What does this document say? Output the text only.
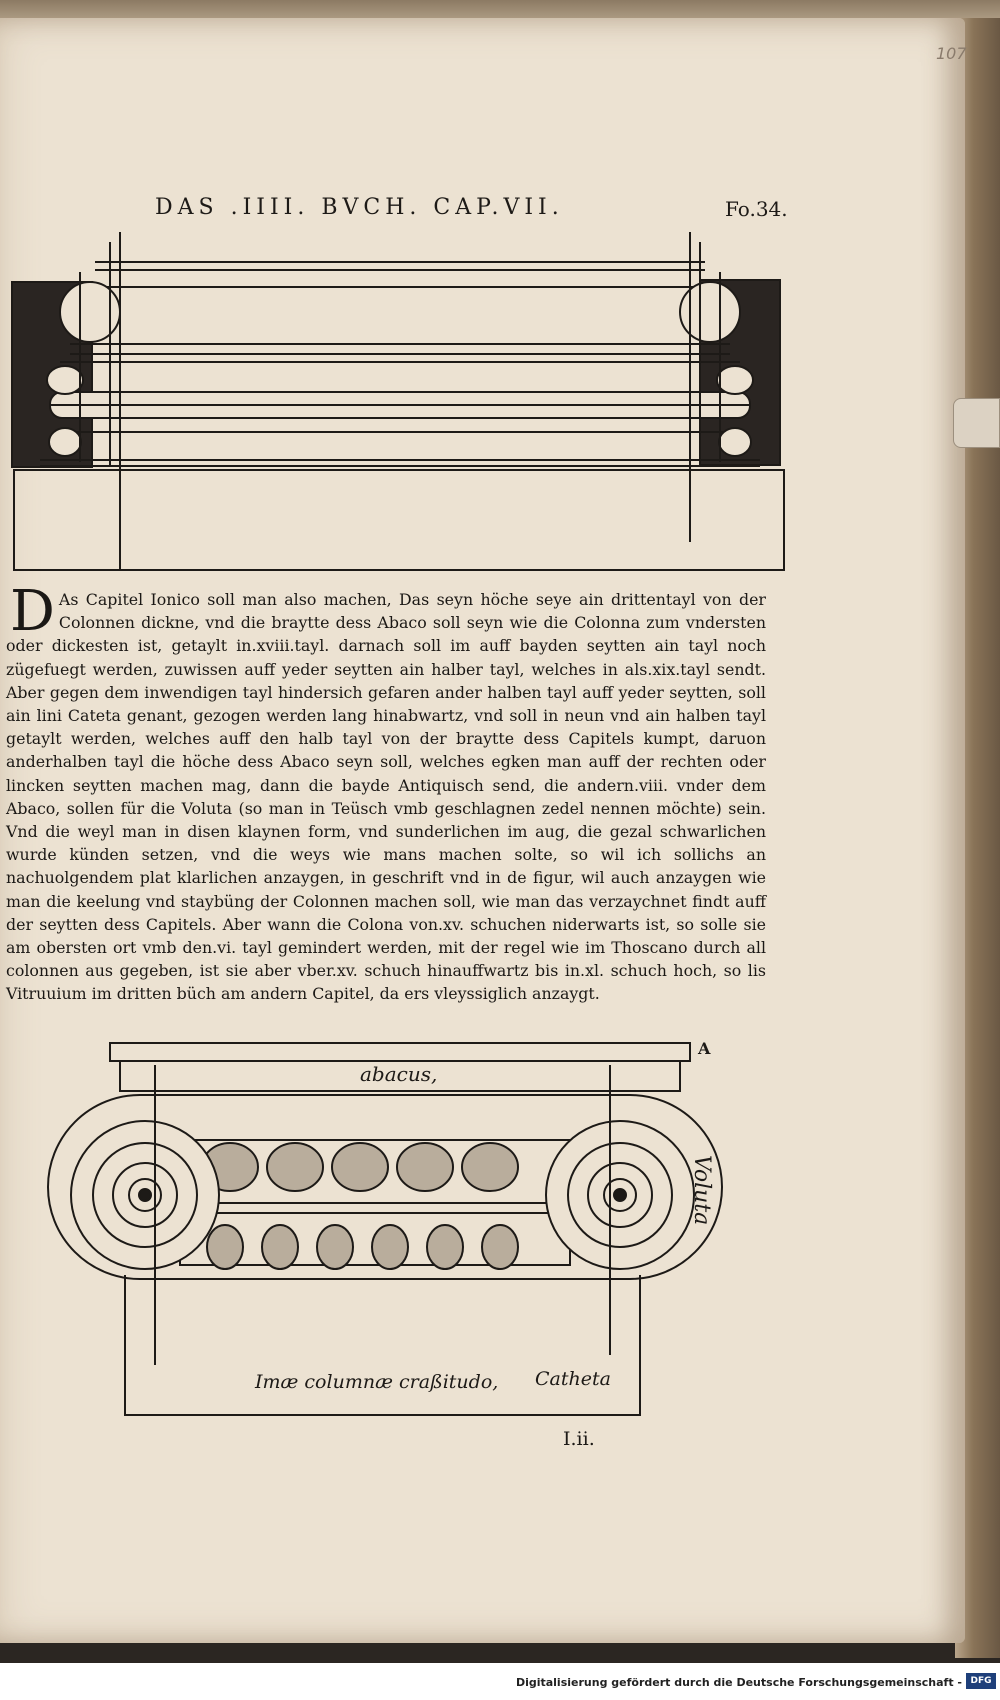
107
DAS .IIII. BVCH. CAP.VII.	Fo.34.
D As Capitel Ionico soll man also machen, Das seyn höche seye ain drittentayl von der Colonnen dickne, vnd die braytte dess Abaco soll seyn wie die Colonna zum vndersten oder dickesten ist, getaylt in.xviii.tayl. darnach soll im auff bayden seytten ain tayl noch zügefuegt werden, zuwissen auff yeder seytten ain halber tayl, welches in als.xix.tayl sendt. Aber gegen dem inwendigen tayl hindersich gefaren ander halben tayl auff yeder seytten, soll ain lini Cateta genant, gezogen werden lang hinabwartz, vnd soll in neun vnd ain halben tayl getaylt werden, welches auff den halb tayl von der braytte dess Capitels kumpt, daruon anderhalben tayl die höche dess Abaco seyn soll, welches egken man auff der rechten oder lincken seytten machen mag, dann die bayde Antiquisch send, die andern.viii. vnder dem Abaco, sollen für die Voluta (so man in Teüsch vmb geschlagnen zedel nennen möchte) sein. Vnd die weyl man in disen klaynen form, vnd sunderlichen im aug, die gezal schwarlichen wurde künden setzen, vnd die weys wie mans machen solte, so wil ich sollichs an nachuolgendem plat klarlichen anzaygen, in geschrift vnd in de figur, wil auch anzaygen wie man die keelung vnd staybüng der Colonnen machen soll, wie man das verzaychnet findt auff der seytten dess Capitels. Aber wann die Colona von.xv. schuchen niderwarts ist, so solle sie am obersten ort vmb den.vi. tayl gemindert werden, mit der regel wie im Thoscano durch all colonnen aus gegeben, ist sie aber vber.xv. schuch hinauffwartz bis in.xl. schuch hoch, so lis Vitruuium im dritten büch am andern Capitel, da ers vleyssiglich anzaygt.

A
abacus,
Voluta
Imæ columnæ craßitudo, Catheta
I.ii.
Digitalisierung gefördert durch die Deutsche Forschungsgemeinschaft - DFG
